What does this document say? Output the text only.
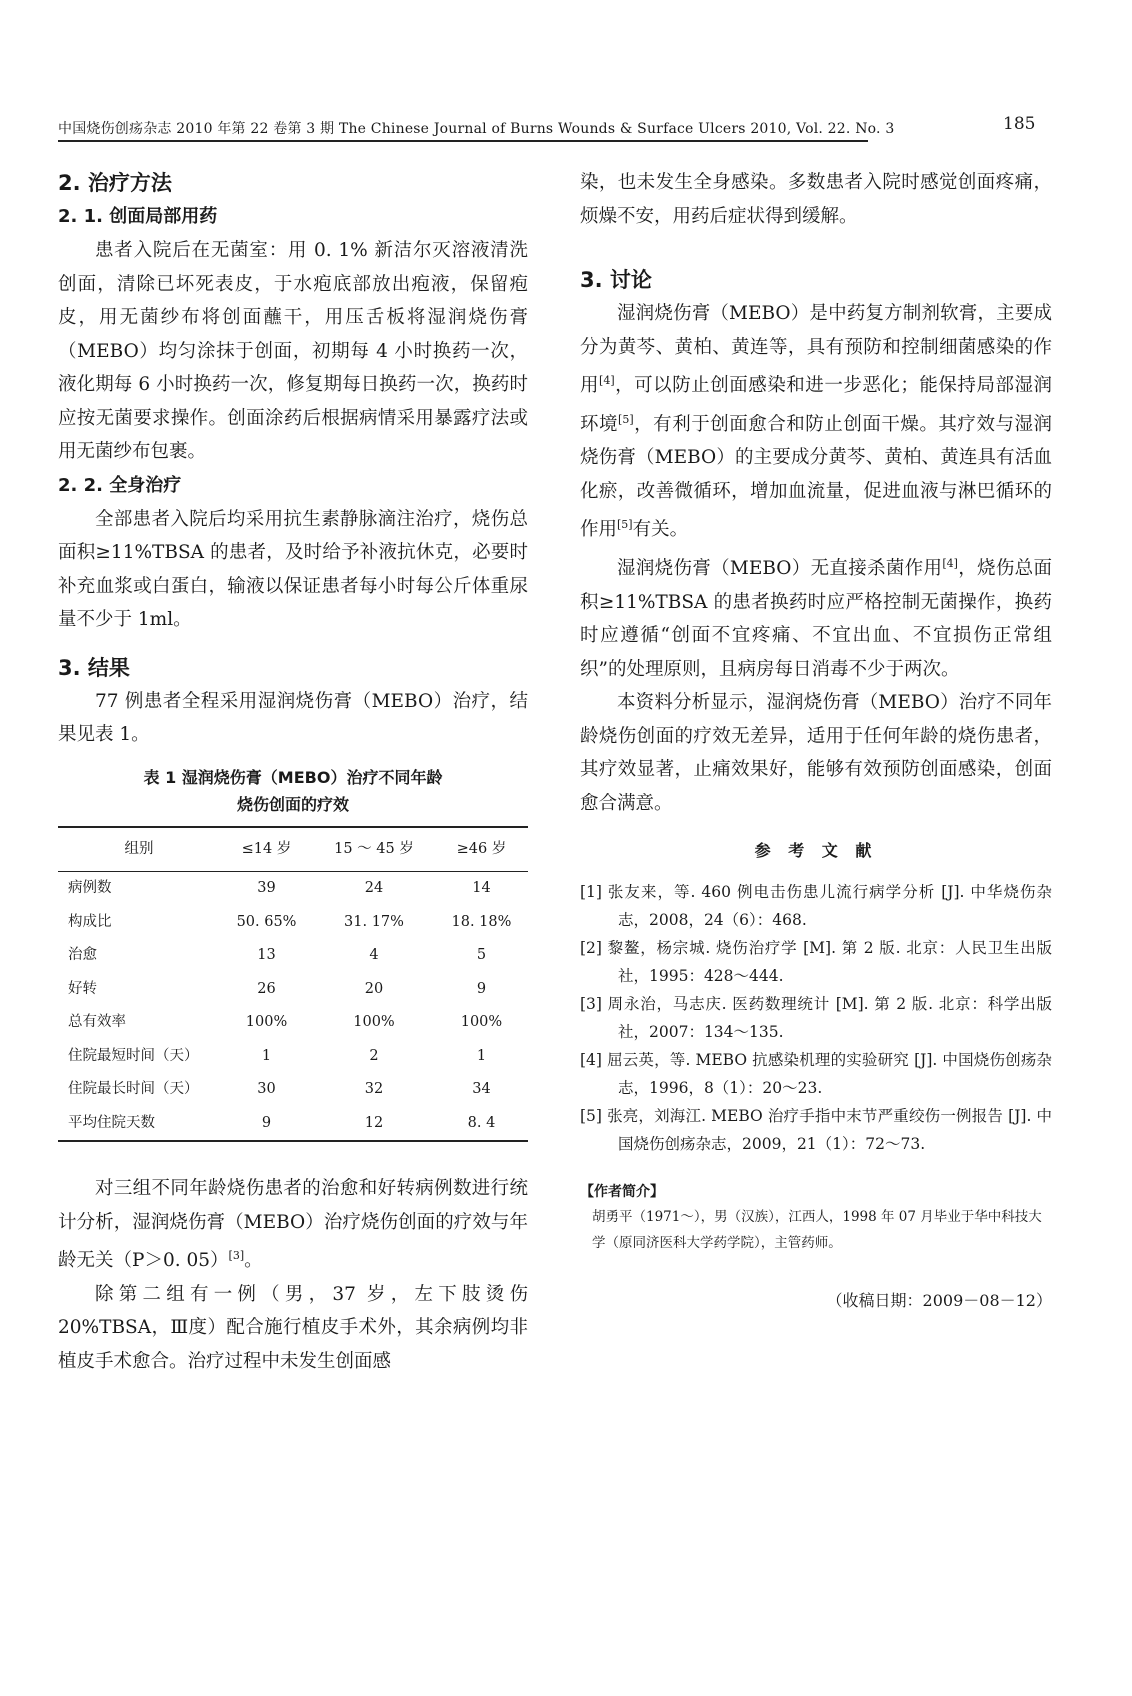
中国烧伤创疡杂志 2010 年第 22 卷第 3 期 The Chinese Journal of Burns Wounds & Surface Ulcers 2010, Vol. 22. No. 3	185
2. 治疗方法
2. 1. 创面局部用药

患者入院后在无菌室：用 0. 1% 新洁尔灭溶液清洗创面，清除已坏死表皮，于水疱底部放出疱液，保留疱皮，用无菌纱布将创面蘸干，用压舌板将湿润烧伤膏（MEBO）均匀涂抹于创面，初期每 4 小时换药一次，液化期每 6 小时换药一次，修复期每日换药一次，换药时应按无菌要求操作。创面涂药后根据病情采用暴露疗法或用无菌纱布包裹。

2. 2. 全身治疗

全部患者入院后均采用抗生素静脉滴注治疗，烧伤总面积≥11%TBSA 的患者，及时给予补液抗休克，必要时补充血浆或白蛋白，输液以保证患者每小时每公斤体重尿量不少于 1ml。

3. 结果

77 例患者全程采用湿润烧伤膏（MEBO）治疗，结果见表 1。

表 1 湿润烧伤膏（MEBO）治疗不同年龄
烧伤创面的疗效
组别	≤14 岁	15 ～ 45 岁	≥46 岁
病例数	39	24	14
构成比	50. 65%	31. 17%	18. 18%
治愈	13	4	5
好转	26	20	9
总有效率	100%	100%	100%
住院最短时间（天）	1	2	1
住院最长时间（天）	30	32	34
平均住院天数	9	12	8. 4

对三组不同年龄烧伤患者的治愈和好转病例数进行统计分析，湿润烧伤膏（MEBO）治疗烧伤创面的疗效与年龄无关（P＞0. 05）[3]。

除第二组有一例（男，37 岁，左下肢烫伤 20%TBSA，Ⅲ度）配合施行植皮手术外，其余病例均非植皮手术愈合。治疗过程中未发生创面感

染，也未发生全身感染。多数患者入院时感觉创面疼痛，烦燥不安，用药后症状得到缓解。

3. 讨论

湿润烧伤膏（MEBO）是中药复方制剂软膏，主要成分为黄芩、黄柏、黄连等，具有预防和控制细菌感染的作用[4]，可以防止创面感染和进一步恶化；能保持局部湿润环境[5]，有利于创面愈合和防止创面干燥。其疗效与湿润烧伤膏（MEBO）的主要成分黄芩、黄柏、黄连具有活血化瘀，改善微循环，增加血流量，促进血液与淋巴循环的作用[5]有关。

湿润烧伤膏（MEBO）无直接杀菌作用[4]，烧伤总面积≥11%TBSA 的患者换药时应严格控制无菌操作，换药时应遵循“创面不宜疼痛、不宜出血、不宜损伤正常组织”的处理原则，且病房每日消毒不少于两次。

本资料分析显示，湿润烧伤膏（MEBO）治疗不同年龄烧伤创面的疗效无差异，适用于任何年龄的烧伤患者，其疗效显著，止痛效果好，能够有效预防创面感染，创面愈合满意。

参 考 文 献

[1] 张友来，等. 460 例电击伤患儿流行病学分析 [J]. 中华烧伤杂志，2008，24（6）：468.

[2] 黎鳌，杨宗城. 烧伤治疗学 [M]. 第 2 版. 北京：人民卫生出版社，1995：428～444.

[3] 周永治，马志庆. 医药数理统计 [M]. 第 2 版. 北京：科学出版社，2007：134～135.

[4] 屈云英，等. MEBO 抗感染机理的实验研究 [J]. 中国烧伤创疡杂志，1996，8（1）：20～23.

[5] 张亮，刘海江. MEBO 治疗手指中末节严重绞伤一例报告 [J]. 中国烧伤创疡杂志，2009，21（1）：72～73.

【作者简介】
胡勇平（1971～），男（汉族），江西人，1998 年 07 月毕业于华中科技大学（原同济医科大学药学院），主管药师。
（收稿日期：2009－08－12）
